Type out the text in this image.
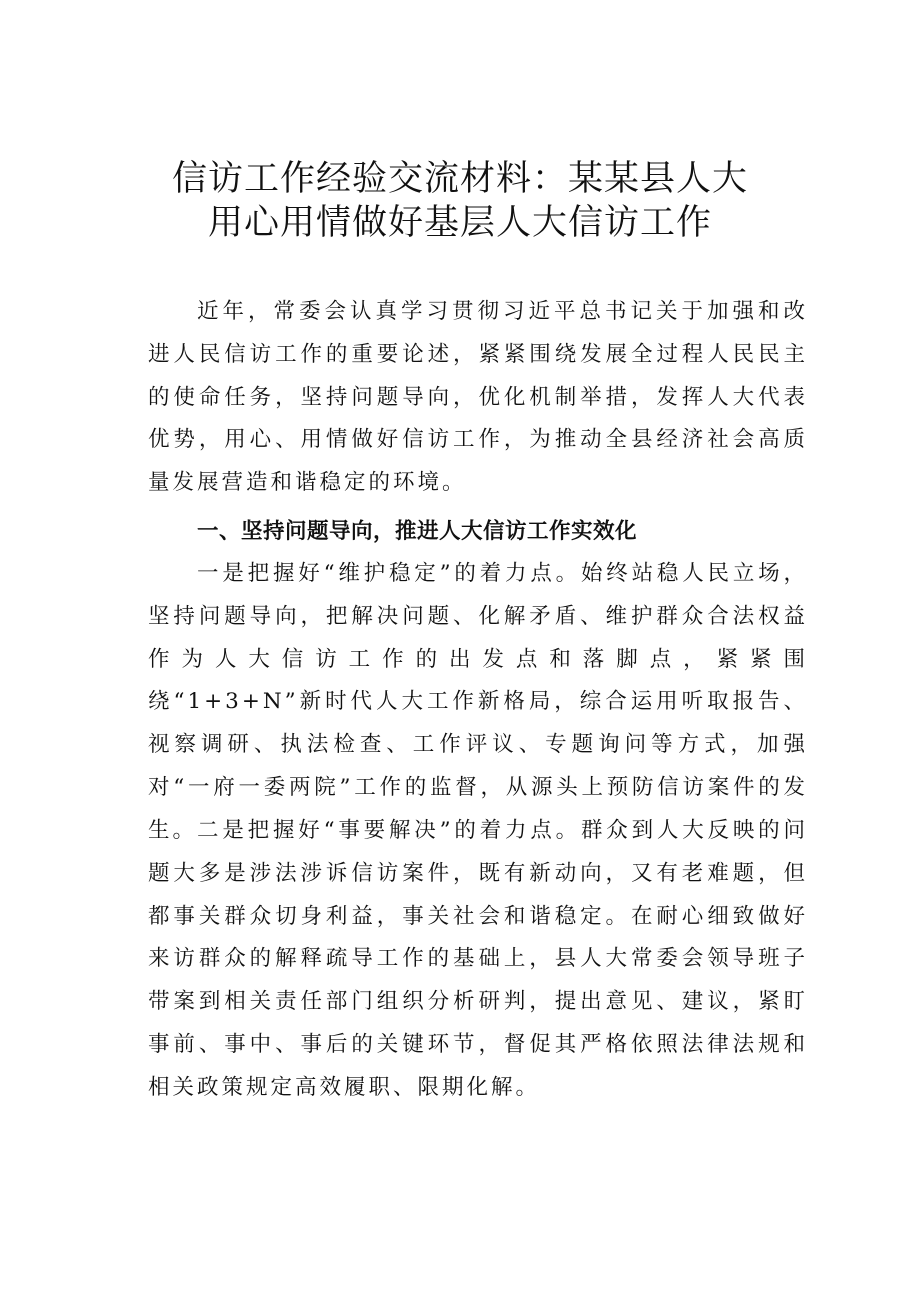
信访工作经验交流材料：某某县人大
用心用情做好基层人大信访工作

近年，常委会认真学习贯彻习近平总书记关于加强和改进人民信访工作的重要论述，紧紧围绕发展全过程人民民主的使命任务，坚持问题导向，优化机制举措，发挥人大代表优势，用心、用情做好信访工作，为推动全县经济社会高质量发展营造和谐稳定的环境。

一、坚持问题导向，推进人大信访工作实效化

一是把握好“维护稳定”的着力点。始终站稳人民立场，坚持问题导向，把解决问题、化解矛盾、维护群众合法权益作为人大信访工作的出发点和落脚点，紧紧围绕“1+3+N”新时代人大工作新格局，综合运用听取报告、视察调研、执法检查、工作评议、专题询问等方式，加强对“一府一委两院”工作的监督，从源头上预防信访案件的发生。 二是把握好“事要解决”的着力点。群众到人大反映的问题大多是涉法涉诉信访案件，既有新动向，又有老难题，但都事关群众切身利益，事关社会和谐稳定。在耐心细致做好来访群众的解释疏导工作的基础上，县人大常委会领导班子带案到相关责任部门组织分析研判，提出意见、建议，紧盯事前、事中、事后的关键环节，督促其严格依照法律法规和相关政策规定高效履职、限期化解。
